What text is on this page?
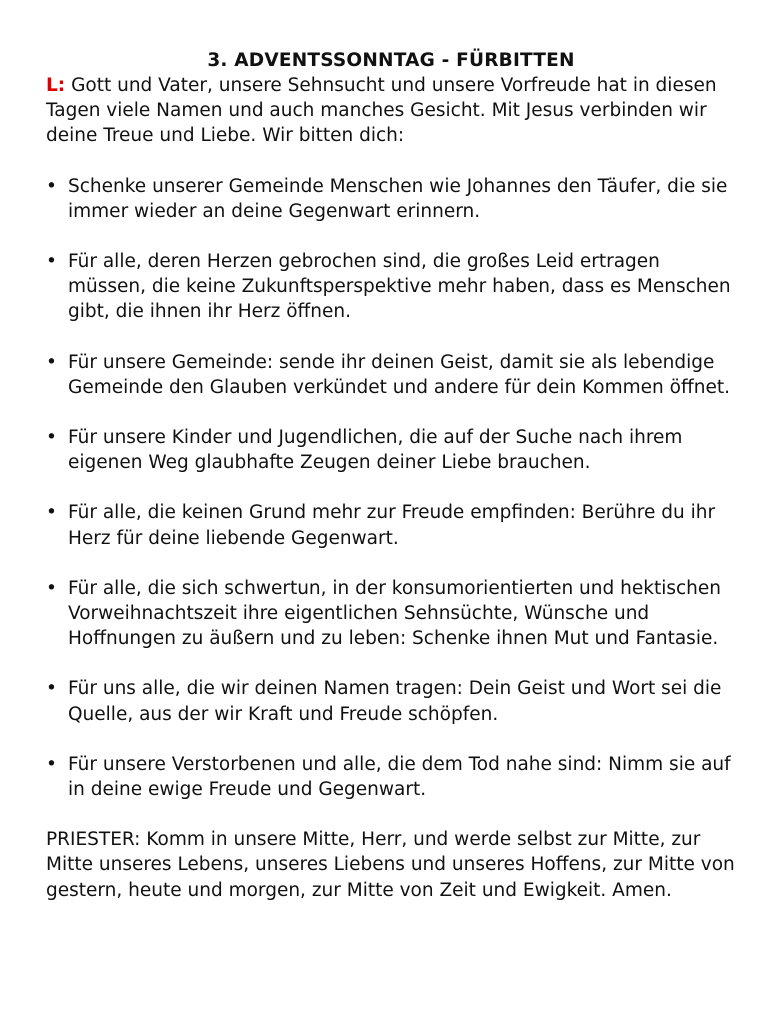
3. ADVENTSSONNTAG - FÜRBITTEN

L: Gott und Vater, unsere Sehnsucht und unsere Vorfreude hat in diesen Tagen viele Namen und auch manches Gesicht. Mit Jesus verbinden wir deine Treue und Liebe. Wir bitten dich:

• Schenke unserer Gemeinde Menschen wie Johannes den Täufer, die sie immer wieder an deine Gegenwart erinnern.
• Für alle, deren Herzen gebrochen sind, die großes Leid ertragen müssen, die keine Zukunftsperspektive mehr haben, dass es Menschen gibt, die ihnen ihr Herz öffnen.
• Für unsere Gemeinde: sende ihr deinen Geist, damit sie als lebendige Gemeinde den Glauben verkündet und andere für dein Kommen öffnet.
• Für unsere Kinder und Jugendlichen, die auf der Suche nach ihrem eigenen Weg glaubhafte Zeugen deiner Liebe brauchen.
• Für alle, die keinen Grund mehr zur Freude empfinden: Berühre du ihr Herz für deine liebende Gegenwart.
• Für alle, die sich schwertun, in der konsumorientierten und hektischen Vorweihnachtszeit ihre eigentlichen Sehnsüchte, Wünsche und Hoffnungen zu äußern und zu leben: Schenke ihnen Mut und Fantasie.
• Für uns alle, die wir deinen Namen tragen: Dein Geist und Wort sei die Quelle, aus der wir Kraft und Freude schöpfen.
• Für unsere Verstorbenen und alle, die dem Tod nahe sind: Nimm sie auf in deine ewige Freude und Gegenwart.

PRIESTER: Komm in unsere Mitte, Herr, und werde selbst zur Mitte, zur Mitte unseres Lebens, unseres Liebens und unseres Hoffens, zur Mitte von gestern, heute und morgen, zur Mitte von Zeit und Ewigkeit. Amen.
